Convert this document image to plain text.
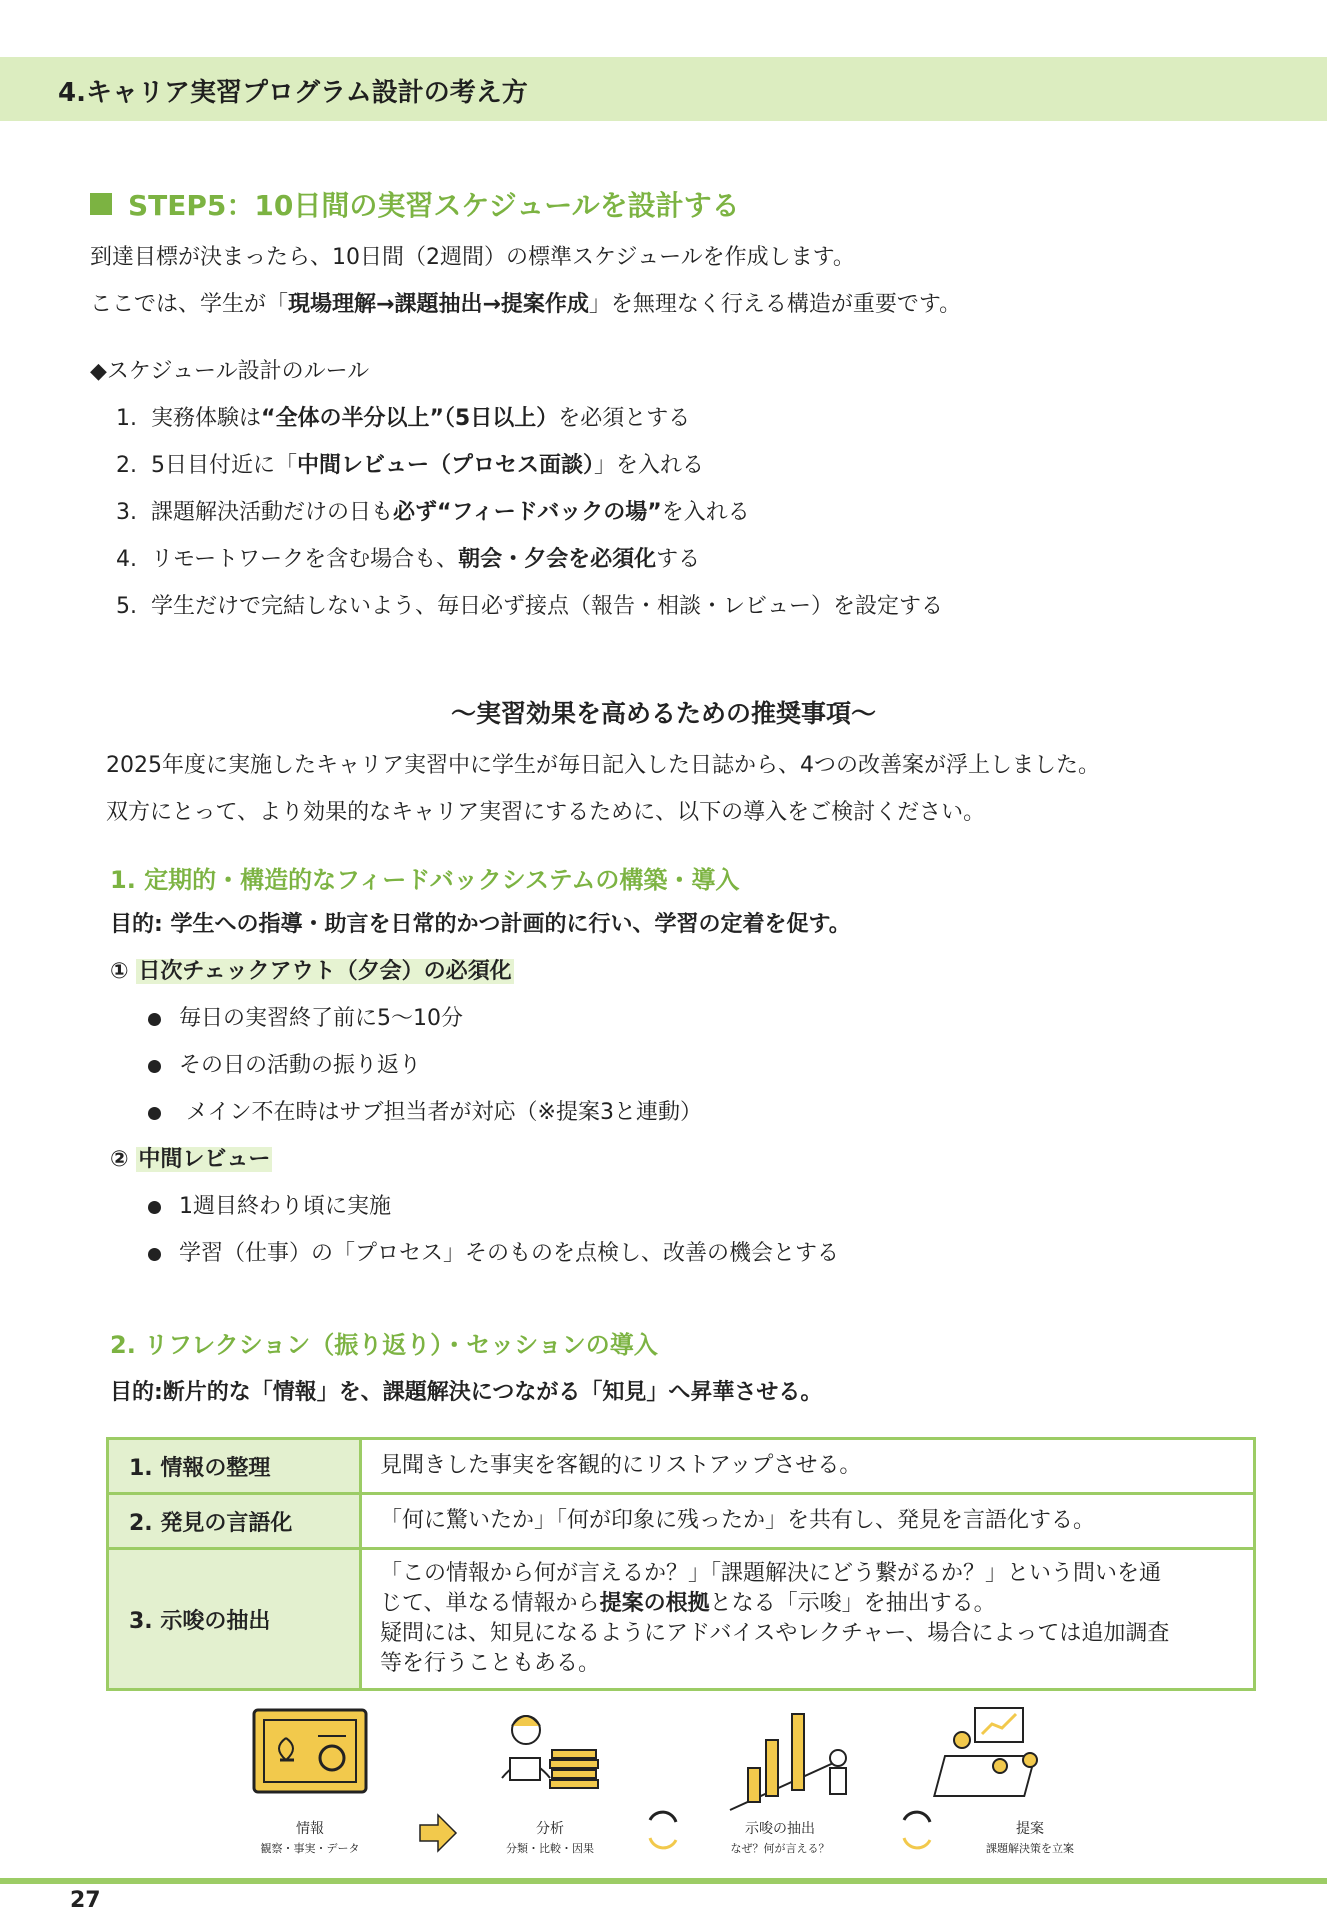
4.キャリア実習プログラム設計の考え方
STEP5：10日間の実習スケジュールを設計する
到達目標が決まったら、10日間（2週間）の標準スケジュールを作成します。
ここでは、学生が「現場理解→課題抽出→提案作成」を無理なく行える構造が重要です。
◆スケジュール設計のルール
1. 実務体験は“全体の半分以上”（5日以上）を必須とする
2. 5日目付近に「中間レビュー（プロセス面談）」を入れる
3. 課題解決活動だけの日も必ず“フィードバックの場”を入れる
4. リモートワークを含む場合も、朝会・夕会を必須化する
5. 学生だけで完結しないよう、毎日必ず接点（報告・相談・レビュー）を設定する
～実習効果を高めるための推奨事項～
2025年度に実施したキャリア実習中に学生が毎日記入した日誌から、4つの改善案が浮上しました。
双方にとって、より効果的なキャリア実習にするために、以下の導入をご検討ください。
1. 定期的・構造的なフィードバックシステムの構築・導入
目的: 学生への指導・助言を日常的かつ計画的に行い、学習の定着を促す。
① 日次チェックアウト（夕会）の必須化
毎日の実習終了前に5～10分
その日の活動の振り返り
メイン不在時はサブ担当者が対応（※提案3と連動）
② 中間レビュー
1週目終わり頃に実施
学習（仕事）の「プロセス」そのものを点検し、改善の機会とする
2. リフレクション（振り返り）・セッションの導入
目的:断片的な「情報」を、課題解決につながる「知見」へ昇華させる。
1. 情報の整理	見聞きした事実を客観的にリストアップさせる。
2. 発見の言語化	「何に驚いたか」「何が印象に残ったか」を共有し、発見を言語化する。
3. 示唆の抽出	「この情報から何が言えるか？」「課題解決にどう繋がるか？」という問いを通
じて、単なる情報から提案の根拠となる「示唆」を抽出する。
疑問には、知見になるようにアドバイスやレクチャー、場合によっては追加調査
等を行うこともある。
情報
観察・事実・データ
分析
分類・比較・因果
示唆の抽出
なぜ？何が言える？
提案
課題解決策を立案
27
